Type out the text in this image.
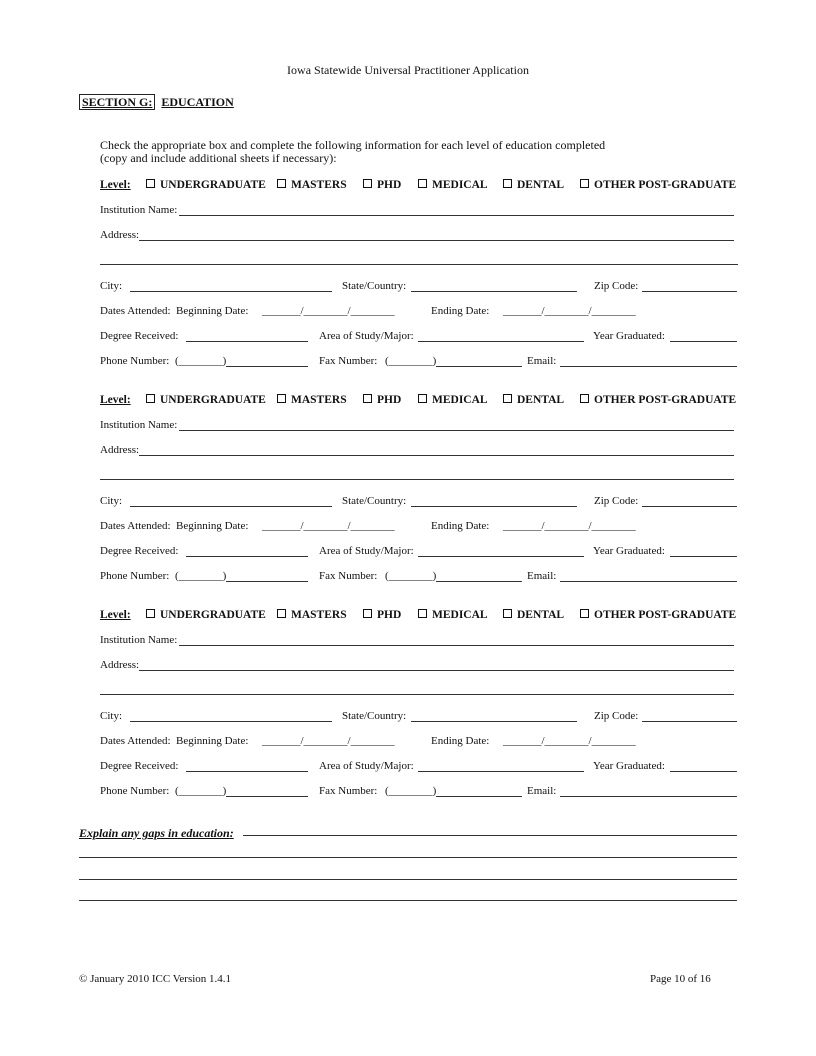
Iowa Statewide Universal Practitioner Application
SECTION G: EDUCATION
Check the appropriate box and complete the following information for each level of education completed
(copy and include additional sheets if necessary):
Level:	UNDERGRADUATE	MASTERS	PHD	MEDICAL	DENTAL	OTHER POST-GRADUATE
Institution Name:
Address:
City:	State/Country:	Zip Code:
Dates Attended: Beginning Date: _______/________/________	Ending Date: _______/________/________
Degree Received:	Area of Study/Major:	Year Graduated:
Phone Number: (________)	Fax Number: (________)	Email:
Level:	UNDERGRADUATE	MASTERS	PHD	MEDICAL	DENTAL	OTHER POST-GRADUATE
Institution Name:
Address:
City:	State/Country:	Zip Code:
Dates Attended: Beginning Date: _______/________/________	Ending Date: _______/________/________
Degree Received:	Area of Study/Major:	Year Graduated:
Phone Number: (________)	Fax Number: (________)	Email:
Level:	UNDERGRADUATE	MASTERS	PHD	MEDICAL	DENTAL	OTHER POST-GRADUATE
Institution Name:
Address:
City:	State/Country:	Zip Code:
Dates Attended: Beginning Date: _______/________/________	Ending Date: _______/________/________
Degree Received:	Area of Study/Major:	Year Graduated:
Phone Number: (________)	Fax Number: (________)	Email:
Explain any gaps in education:
© January 2010 ICC Version 1.4.1	Page 10 of 16
